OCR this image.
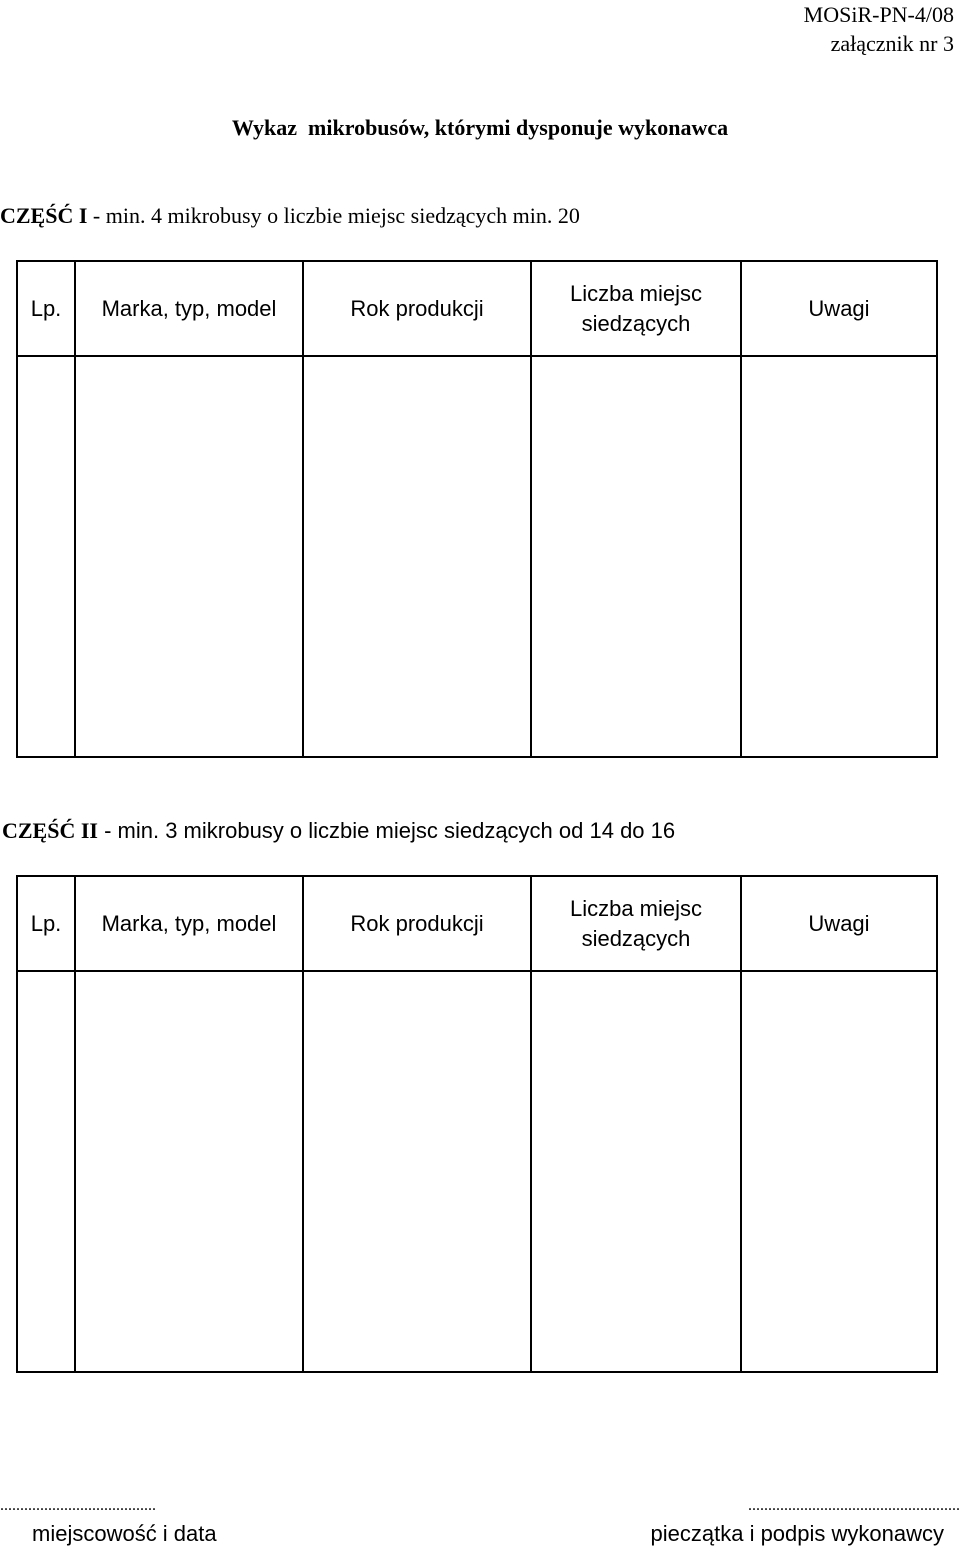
MOSiR-PN-4/08
załącznik nr 3
Wykaz  mikrobusów, którymi dysponuje wykonawca
CZĘŚĆ I - min. 4 mikrobusy o liczbie miejsc siedzących min. 20
Lp.	Marka, typ, model	Rok produkcji	Liczba miejsc siedzących	Uwagi

CZĘŚĆ II - min. 3 mikrobusy o liczbie miejsc siedzących od 14 do 16
Lp.	Marka, typ, model	Rok produkcji	Liczba miejsc siedzących	Uwagi

.......................................
miejscowość i data
.....................................................
pieczątka i podpis wykonawcy
